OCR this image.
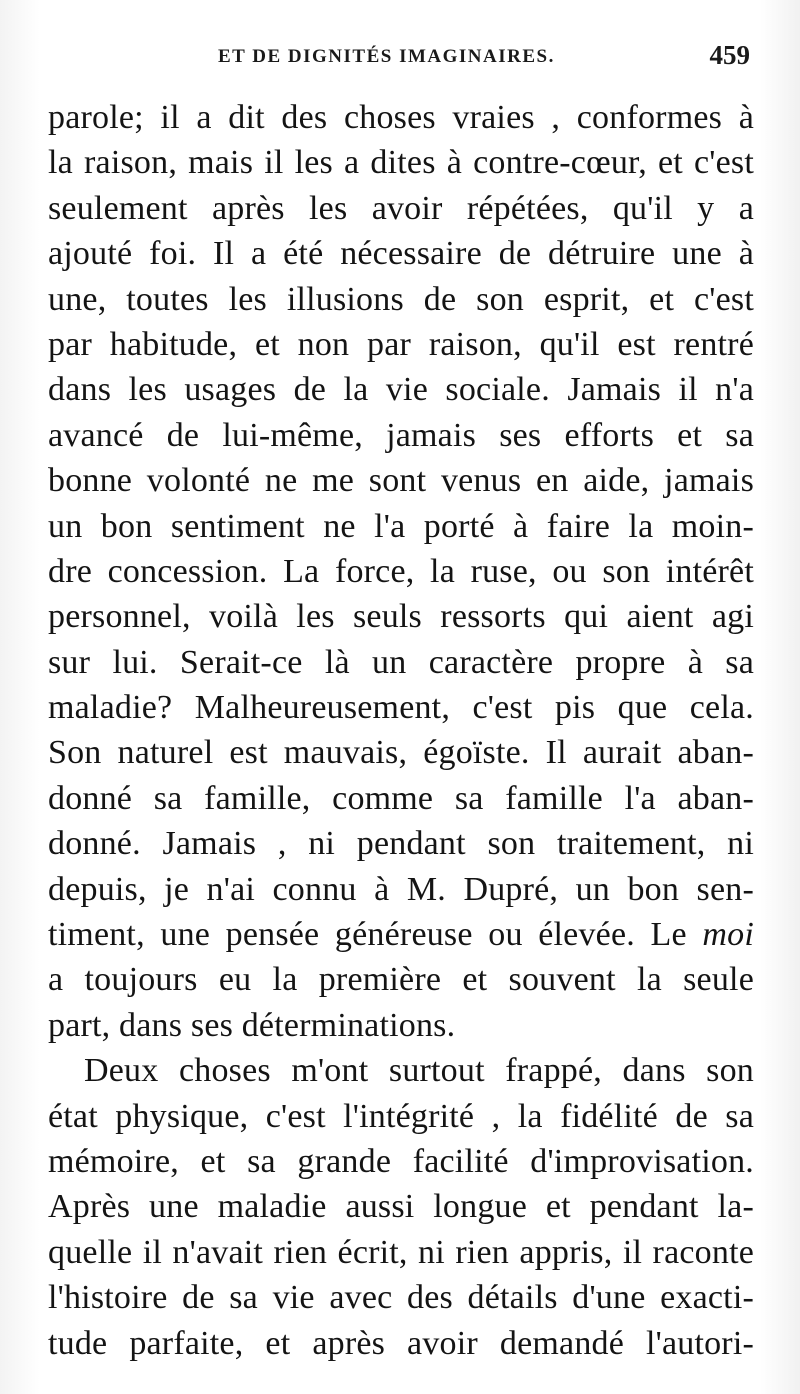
ET DE DIGNITÉS IMAGINAIRES.	459
parole; il a dit des choses vraies , conformes à
la raison, mais il les a dites à contre-cœur, et c'est
seulement après les avoir répétées, qu'il y a
ajouté foi. Il a été nécessaire de détruire une à
une, toutes les illusions de son esprit, et c'est
par habitude, et non par raison, qu'il est rentré
dans les usages de la vie sociale. Jamais il n'a
avancé de lui-même, jamais ses efforts et sa
bonne volonté ne me sont venus en aide, jamais
un bon sentiment ne l'a porté à faire la moin-
dre concession. La force, la ruse, ou son intérêt
personnel, voilà les seuls ressorts qui aient agi
sur lui. Serait-ce là un caractère propre à sa
maladie? Malheureusement, c'est pis que cela.
Son naturel est mauvais, égoïste. Il aurait aban-
donné sa famille, comme sa famille l'a aban-
donné. Jamais , ni pendant son traitement, ni
depuis, je n'ai connu à M. Dupré, un bon sen-
timent, une pensée généreuse ou élevée. Le moi
a toujours eu la première et souvent la seule
part, dans ses déterminations.
Deux choses m'ont surtout frappé, dans son
état physique, c'est l'intégrité , la fidélité de sa
mémoire, et sa grande facilité d'improvisation.
Après une maladie aussi longue et pendant la-
quelle il n'avait rien écrit, ni rien appris, il raconte
l'histoire de sa vie avec des détails d'une exacti-
tude parfaite, et après avoir demandé l'autori-
